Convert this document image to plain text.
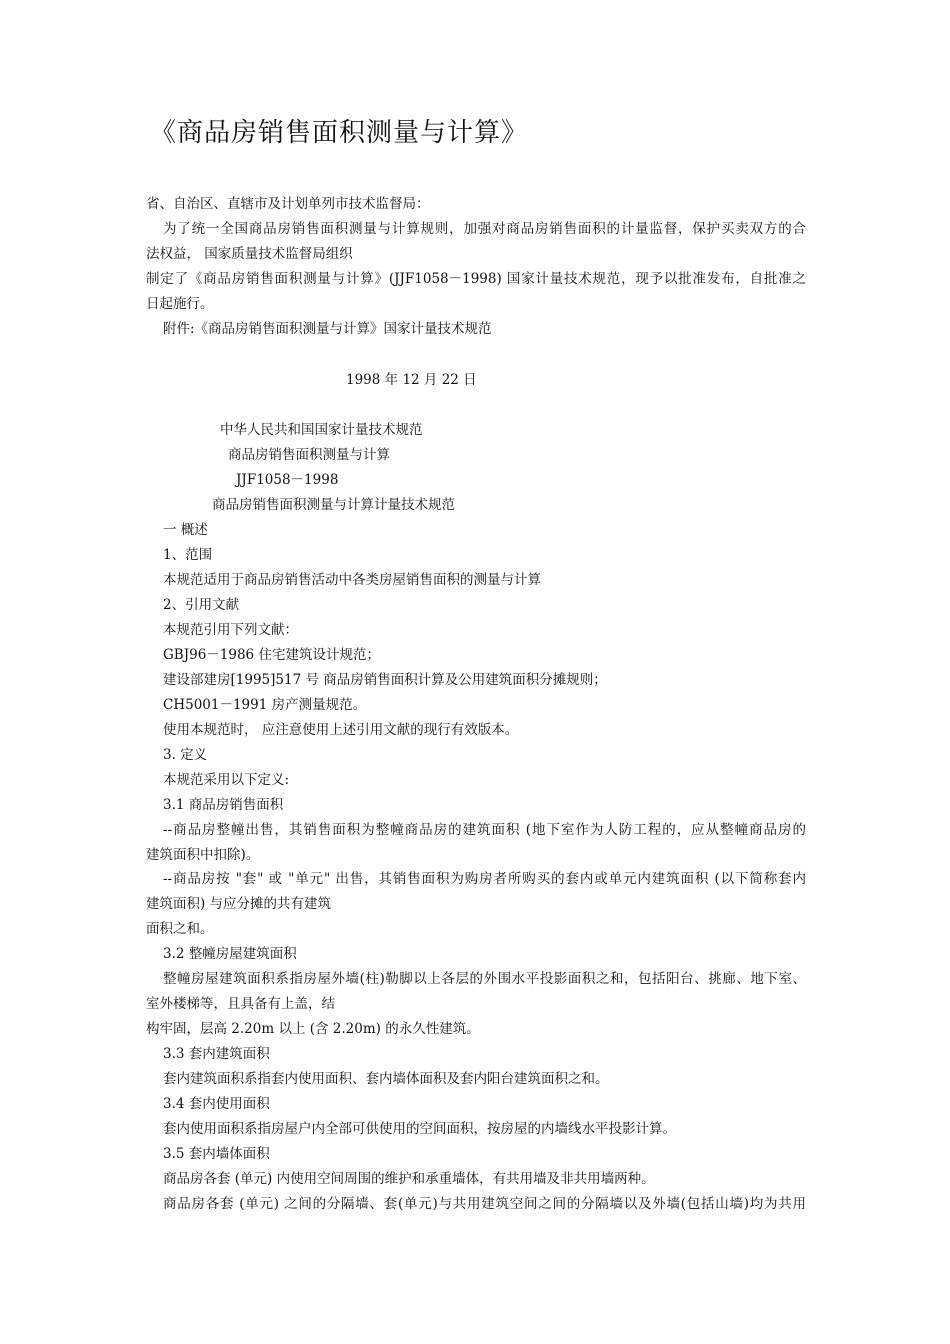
《商品房销售面积测量与计算》
省、自治区、直辖市及计划单列市技术监督局：
为了统一全国商品房销售面积测量与计算规则，加强对商品房销售面积的计量监督，保护买卖双方的合
法权益， 国家质量技术监督局组织
制定了《商品房销售面积测量与计算》(JJF1058－1998) 国家计量技术规范，现予以批准发布，自批准之
日起施行。
附件:《商品房销售面积测量与计算》国家计量技术规范
1998 年 12 月 22 日
中华人民共和国国家计量技术规范
商品房销售面积测量与计算
JJF1058－1998
商品房销售面积测量与计算计量技术规范
一 概述
1、范围
本规范适用于商品房销售活动中各类房屋销售面积的测量与计算
2、引用文献
本规范引用下列文献：
GBJ96－1986 住宅建筑设计规范；
建设部建房[1995]517 号 商品房销售面积计算及公用建筑面积分摊规则；
CH5001－1991 房产测量规范。
使用本规范时， 应注意使用上述引用文献的现行有效版本。
3. 定义
本规范采用以下定义:
3.1 商品房销售面积
--商品房整幢出售，其销售面积为整幢商品房的建筑面积 (地下室作为人防工程的，应从整幢商品房的
建筑面积中扣除)。
--商品房按 "套" 或 "单元" 出售，其销售面积为购房者所购买的套内或单元内建筑面积 (以下简称套内
建筑面积) 与应分摊的共有建筑
面积之和。
3.2 整幢房屋建筑面积
整幢房屋建筑面积系指房屋外墙(柱)勒脚以上各层的外围水平投影面积之和，包括阳台、挑廊、地下室、
室外楼梯等，且具备有上盖，结
构牢固，层高 2.20m 以上 (含 2.20m) 的永久性建筑。
3.3 套内建筑面积
套内建筑面积系指套内使用面积、套内墙体面积及套内阳台建筑面积之和。
3.4 套内使用面积
套内使用面积系指房屋户内全部可供使用的空间面积，按房屋的内墙线水平投影计算。
3.5 套内墙体面积
商品房各套 (单元) 内使用空间周围的维护和承重墙体，有共用墙及非共用墙两种。
商品房各套 (单元) 之间的分隔墙、套(单元)与共用建筑空间之间的分隔墙以及外墙(包括山墙)均为共用
